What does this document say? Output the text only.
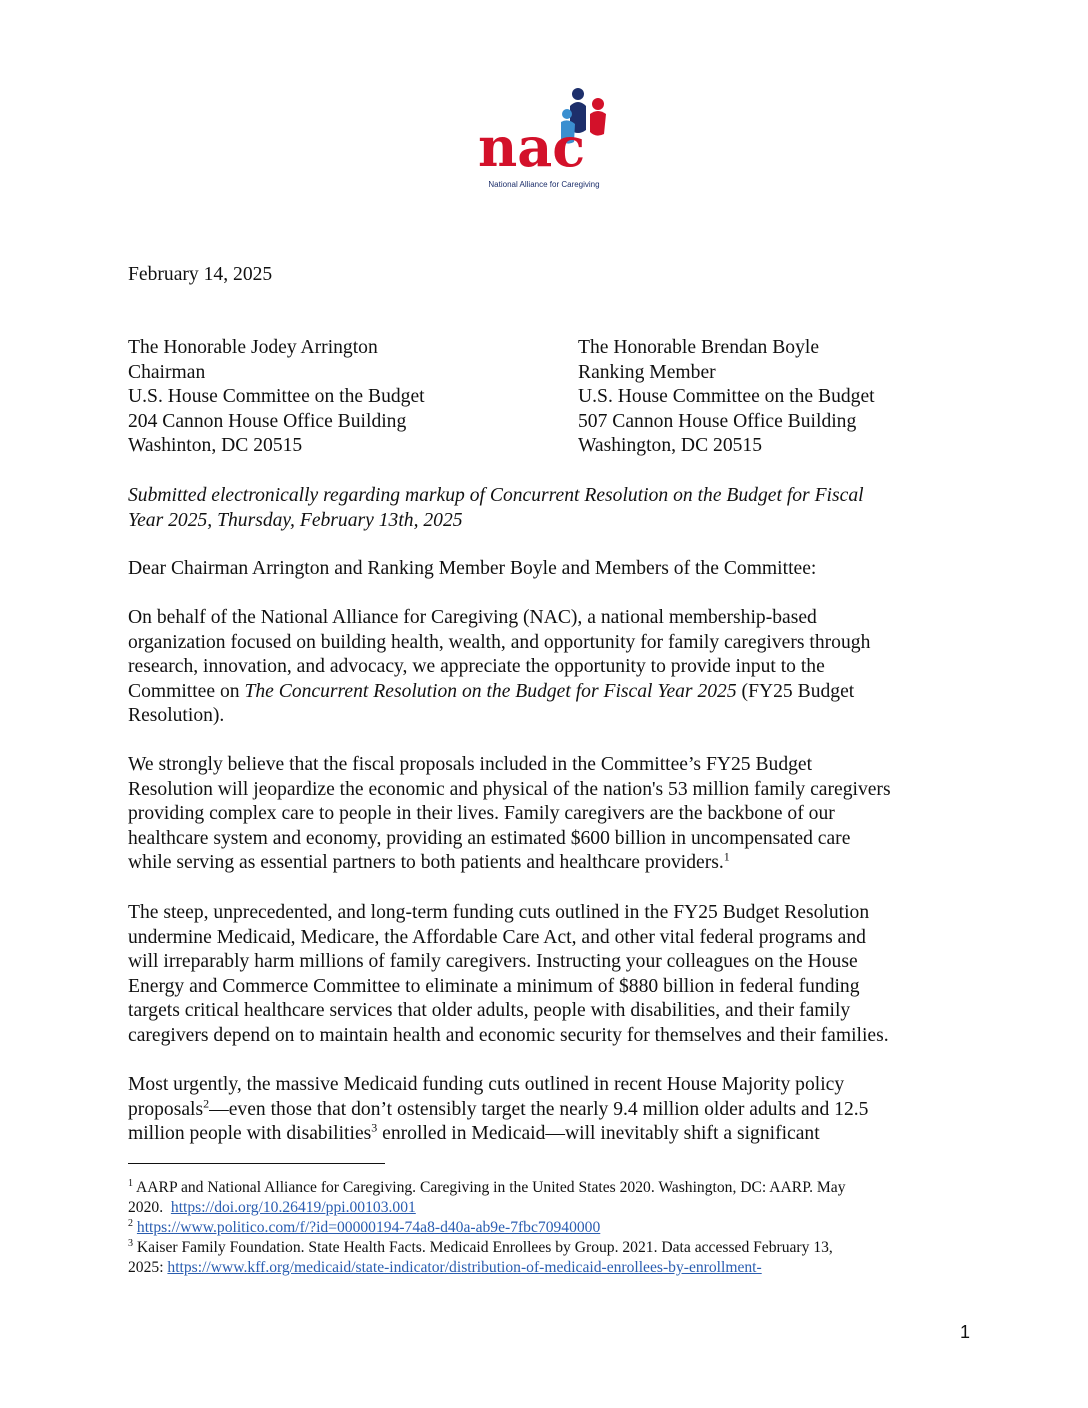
nac
National Alliance for Caregiving
February 14, 2025
The Honorable Jodey Arrington
Chairman
U.S. House Committee on the Budget
204 Cannon House Office Building
Washinton, DC 20515
The Honorable Brendan Boyle
Ranking Member
U.S. House Committee on the Budget
507 Cannon House Office Building
Washington, DC 20515
Submitted electronically regarding markup of Concurrent Resolution on the Budget for Fiscal
Year 2025, Thursday, February 13th, 2025
Dear Chairman Arrington and Ranking Member Boyle and Members of the Committee:
On behalf of the National Alliance for Caregiving (NAC), a national membership-based
organization focused on building health, wealth, and opportunity for family caregivers through
research, innovation, and advocacy, we appreciate the opportunity to provide input to the
Committee on The Concurrent Resolution on the Budget for Fiscal Year 2025 (FY25 Budget
Resolution).
We strongly believe that the fiscal proposals included in the Committee’s FY25 Budget
Resolution will jeopardize the economic and physical of the nation's 53 million family caregivers
providing complex care to people in their lives. Family caregivers are the backbone of our
healthcare system and economy, providing an estimated $600 billion in uncompensated care
while serving as essential partners to both patients and healthcare providers.$^1$
The steep, unprecedented, and long-term funding cuts outlined in the FY25 Budget Resolution
undermine Medicaid, Medicare, the Affordable Care Act, and other vital federal programs and
will irreparably harm millions of family caregivers. Instructing your colleagues on the House
Energy and Commerce Committee to eliminate a minimum of $880 billion in federal funding
targets critical healthcare services that older adults, people with disabilities, and their family
caregivers depend on to maintain health and economic security for themselves and their families.
Most urgently, the massive Medicaid funding cuts outlined in recent House Majority policy
proposals$^2$—even those that don’t ostensibly target the nearly 9.4 million older adults and 12.5
million people with disabilities$^3$ enrolled in Medicaid—will inevitably shift a significant
$^1$ AARP and National Alliance for Caregiving. Caregiving in the United States 2020. Washington, DC: AARP. May
2020.  https://doi.org/10.26419/ppi.00103.001
$^2$ https://www.politico.com/f/?id=00000194-74a8-d40a-ab9e-7fbc70940000
$^3$ Kaiser Family Foundation. State Health Facts. Medicaid Enrollees by Group. 2021. Data accessed February 13,
2025: https://www.kff.org/medicaid/state-indicator/distribution-of-medicaid-enrollees-by-enrollment-
1
